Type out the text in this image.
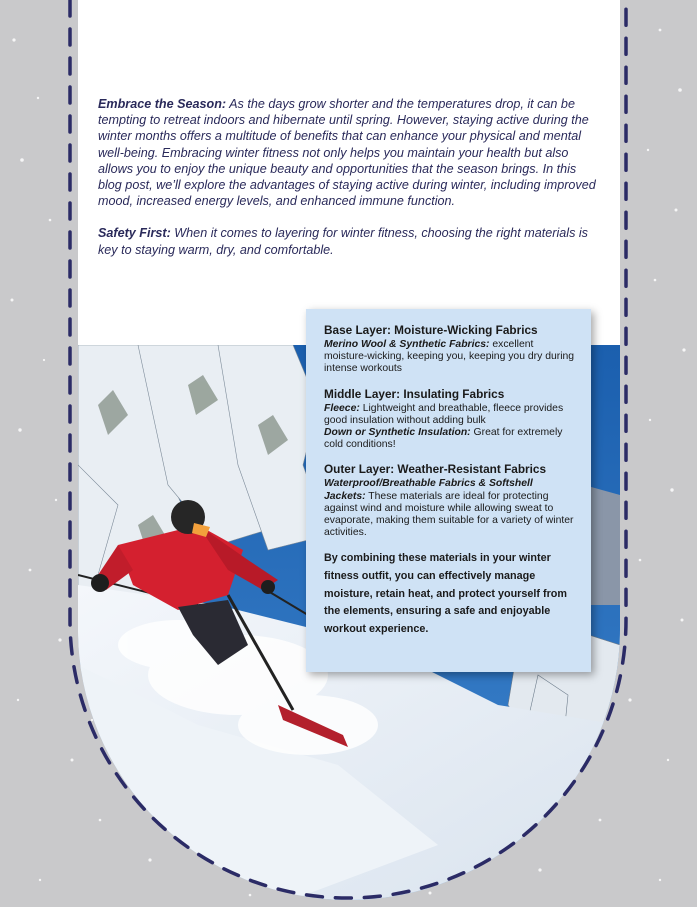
Embrace the Season: As the days grow shorter and the temperatures drop, it can be tempting to retreat indoors and hibernate until spring. However, staying active during the winter months offers a multitude of benefits that can enhance your physical and mental well-being. Embracing winter fitness not only helps you maintain your health but also allows you to enjoy the unique beauty and opportunities that the season brings. In this blog post, we’ll explore the advantages of staying active during winter, including improved mood, increased energy levels, and enhanced immune function.

Safety First: When it comes to layering for winter fitness, choosing the right materials is key to staying warm, dry, and comfortable.

Base Layer: Moisture-Wicking Fabrics
Merino Wool & Synthetic Fabrics: excellent moisture-wicking, keeping you, keeping you dry during intense workouts
Middle Layer: Insulating Fabrics
Fleece: Lightweight and breathable, fleece provides good insulation without adding bulk
Down or Synthetic Insulation: Great for extremely cold conditions!
Outer Layer: Weather-Resistant Fabrics
Waterproof/Breathable Fabrics & Softshell Jackets: These materials are ideal for protecting against wind and moisture while allowing sweat to evaporate, making them suitable for a variety of winter activities.
By combining these materials in your winter fitness outfit, you can effectively manage moisture, retain heat, and protect yourself from the elements, ensuring a safe and enjoyable workout experience.
